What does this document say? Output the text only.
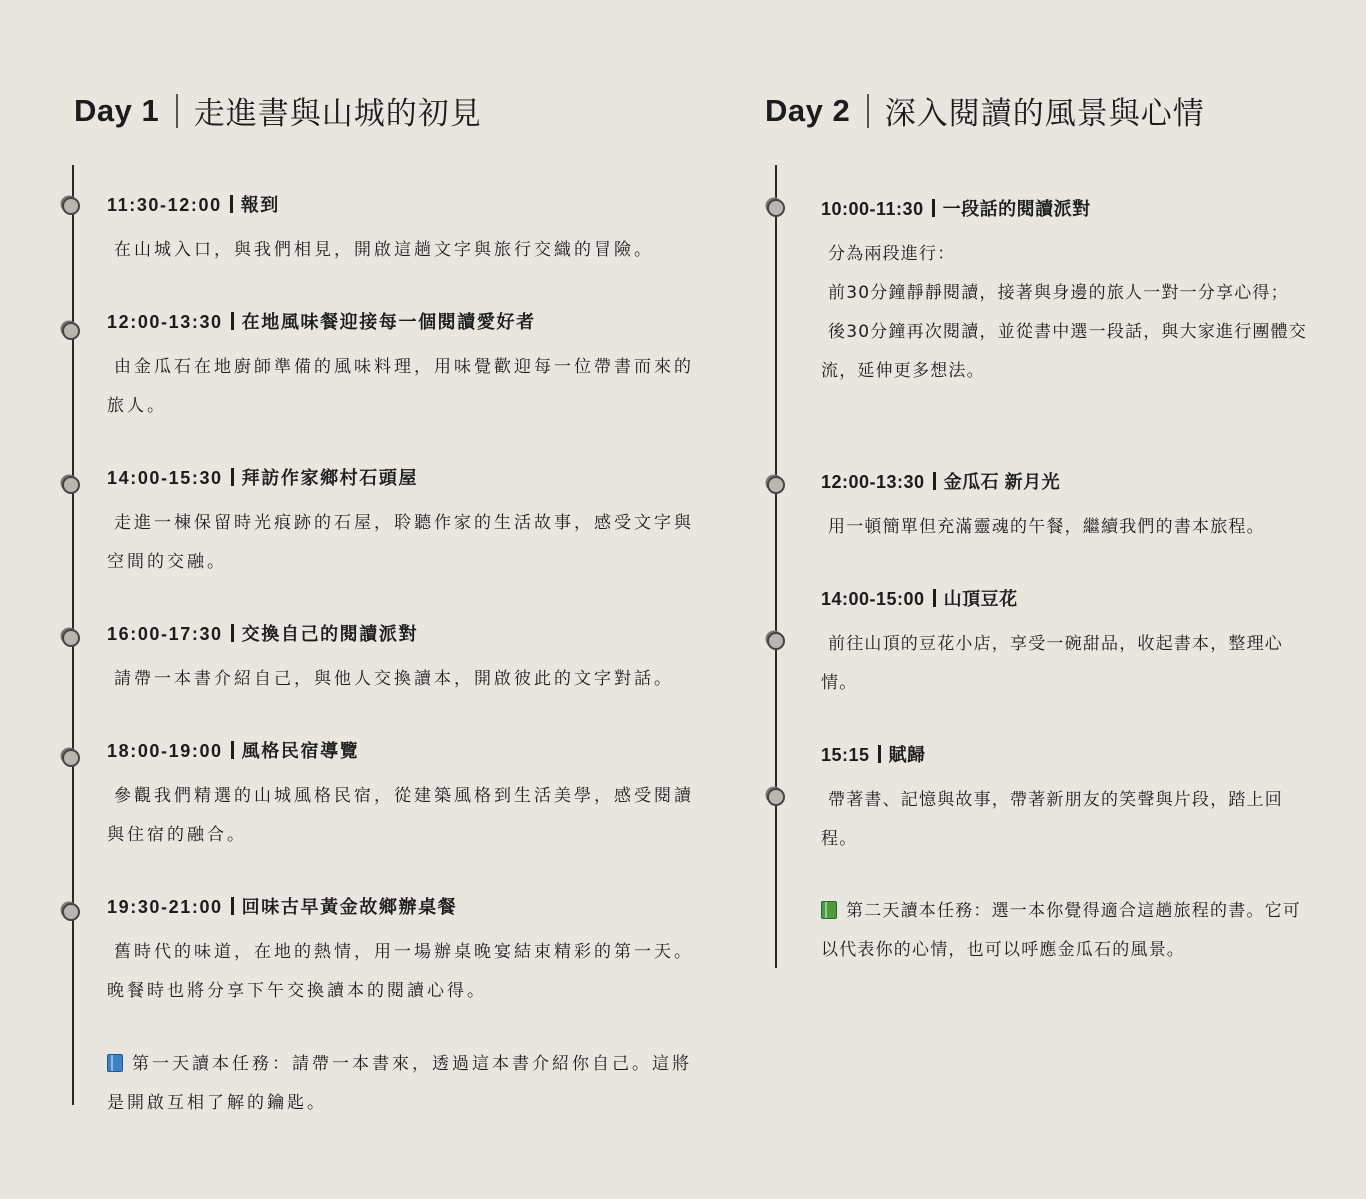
Day 1 走進書與山城的初見
11:30-12:00 報到
在山城入口，與我們相見，開啟這趟文字與旅行交織的冒險。
12:00-13:30 在地風味餐迎接每一個閱讀愛好者
由金瓜石在地廚師準備的風味料理，用味覺歡迎每一位帶書而來的旅人。
14:00-15:30 拜訪作家鄉村石頭屋
走進一棟保留時光痕跡的石屋，聆聽作家的生活故事，感受文字與空間的交融。
16:00-17:30 交換自己的閱讀派對
請帶一本書介紹自己，與他人交換讀本，開啟彼此的文字對話。
18:00-19:00 風格民宿導覽
參觀我們精選的山城風格民宿，從建築風格到生活美學，感受閱讀與住宿的融合。
19:30-21:00 回味古早黃金故鄉辦桌餐
舊時代的味道，在地的熱情，用一場辦桌晚宴結束精彩的第一天。晚餐時也將分享下午交換讀本的閱讀心得。
第一天讀本任務：請帶一本書來，透過這本書介紹你自己。這將是開啟互相了解的鑰匙。
Day 2 深入閱讀的風景與心情
10:00-11:30 一段話的閱讀派對

分為兩段進行：

前30分鐘靜靜閱讀，接著與身邊的旅人一對一分享心得；

後30分鐘再次閱讀，並從書中選一段話，與大家進行團體交流，延伸更多想法。

12:00-13:30 金瓜石 新月光
用一頓簡單但充滿靈魂的午餐，繼續我們的書本旅程。
14:00-15:00 山頂豆花
前往山頂的豆花小店，享受一碗甜品，收起書本，整理心情。
15:15 賦歸
帶著書、記憶與故事，帶著新朋友的笑聲與片段，踏上回程。
第二天讀本任務：選一本你覺得適合這趟旅程的書。它可以代表你的心情，也可以呼應金瓜石的風景。
